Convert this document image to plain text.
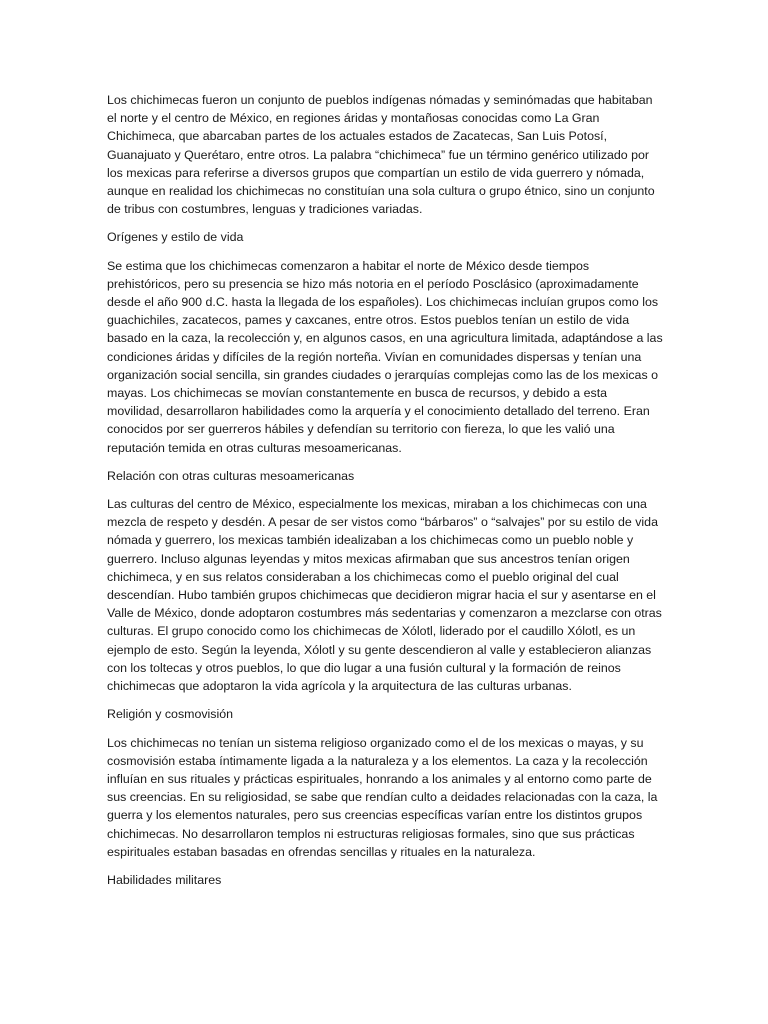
Los chichimecas fueron un conjunto de pueblos indígenas nómadas y seminómadas que habitaban el norte y el centro de México, en regiones áridas y montañosas conocidas como La Gran Chichimeca, que abarcaban partes de los actuales estados de Zacatecas, San Luis Potosí, Guanajuato y Querétaro, entre otros. La palabra “chichimeca” fue un término genérico utilizado por los mexicas para referirse a diversos grupos que compartían un estilo de vida guerrero y nómada, aunque en realidad los chichimecas no constituían una sola cultura o grupo étnico, sino un conjunto de tribus con costumbres, lenguas y tradiciones variadas.

Orígenes y estilo de vida

Se estima que los chichimecas comenzaron a habitar el norte de México desde tiempos prehistóricos, pero su presencia se hizo más notoria en el período Posclásico (aproximadamente desde el año 900 d.C. hasta la llegada de los españoles). Los chichimecas incluían grupos como los guachichiles, zacatecos, pames y caxcanes, entre otros. Estos pueblos tenían un estilo de vida basado en la caza, la recolección y, en algunos casos, en una agricultura limitada, adaptándose a las condiciones áridas y difíciles de la región norteña. Vivían en comunidades dispersas y tenían una organización social sencilla, sin grandes ciudades o jerarquías complejas como las de los mexicas o mayas. Los chichimecas se movían constantemente en busca de recursos, y debido a esta movilidad, desarrollaron habilidades como la arquería y el conocimiento detallado del terreno. Eran conocidos por ser guerreros hábiles y defendían su territorio con fiereza, lo que les valió una reputación temida en otras culturas mesoamericanas.

Relación con otras culturas mesoamericanas

Las culturas del centro de México, especialmente los mexicas, miraban a los chichimecas con una mezcla de respeto y desdén. A pesar de ser vistos como “bárbaros” o “salvajes” por su estilo de vida nómada y guerrero, los mexicas también idealizaban a los chichimecas como un pueblo noble y guerrero. Incluso algunas leyendas y mitos mexicas afirmaban que sus ancestros tenían origen chichimeca, y en sus relatos consideraban a los chichimecas como el pueblo original del cual descendían. Hubo también grupos chichimecas que decidieron migrar hacia el sur y asentarse en el Valle de México, donde adoptaron costumbres más sedentarias y comenzaron a mezclarse con otras culturas. El grupo conocido como los chichimecas de Xólotl, liderado por el caudillo Xólotl, es un ejemplo de esto. Según la leyenda, Xólotl y su gente descendieron al valle y establecieron alianzas con los toltecas y otros pueblos, lo que dio lugar a una fusión cultural y la formación de reinos chichimecas que adoptaron la vida agrícola y la arquitectura de las culturas urbanas.

Religión y cosmovisión

Los chichimecas no tenían un sistema religioso organizado como el de los mexicas o mayas, y su cosmovisión estaba íntimamente ligada a la naturaleza y a los elementos. La caza y la recolección influían en sus rituales y prácticas espirituales, honrando a los animales y al entorno como parte de sus creencias. En su religiosidad, se sabe que rendían culto a deidades relacionadas con la caza, la guerra y los elementos naturales, pero sus creencias específicas varían entre los distintos grupos chichimecas. No desarrollaron templos ni estructuras religiosas formales, sino que sus prácticas espirituales estaban basadas en ofrendas sencillas y rituales en la naturaleza.

Habilidades militares
